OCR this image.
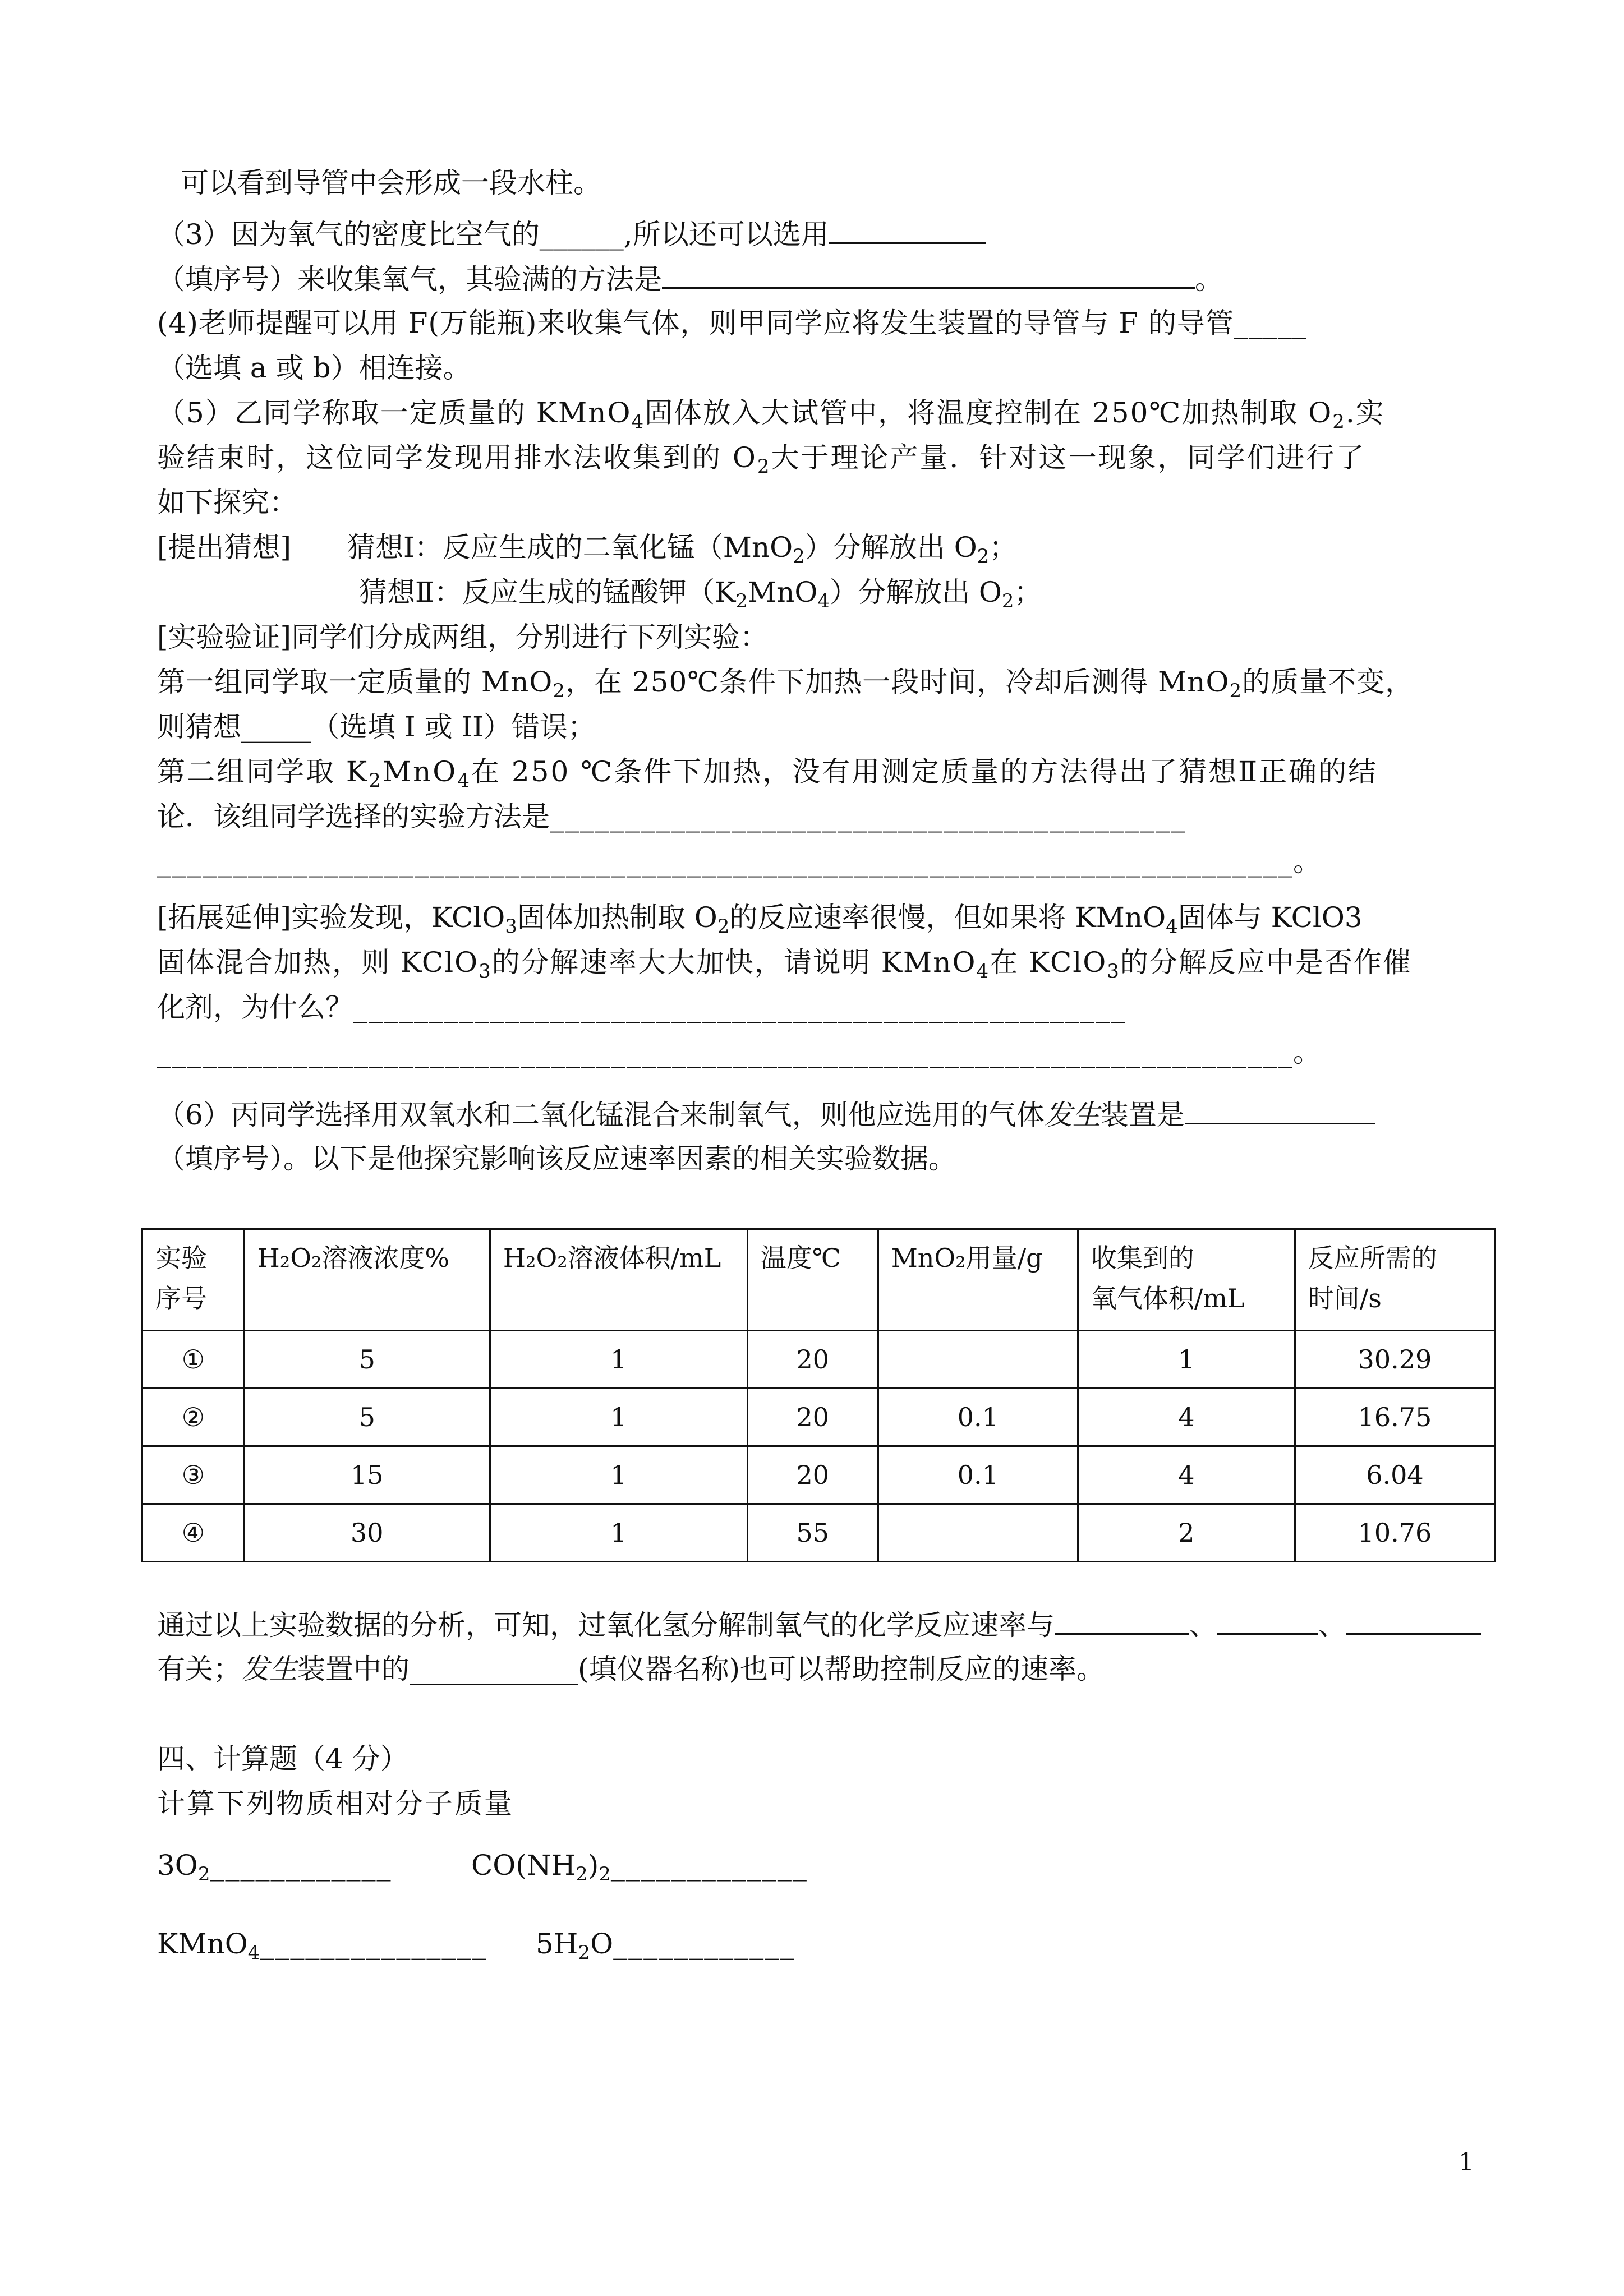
可以看到导管中会形成一段水柱。
（3）因为氧气的密度比空气的______,所以还可以选用
（填序号）来收集氧气，其验满的方法是	。
(4)老师提醒可以用 F(万能瓶)来收集气体，则甲同学应将发生装置的导管与 F 的导管_____
（选填 a 或 b）相连接。
（5）乙同学称取一定质量的 KMnO$_4$固体放入大试管中，将温度控制在 250℃加热制取 $O_2$.实
验结束时，这位同学发现用排水法收集到的 $O_2$大于理论产量．针对这一现象，同学们进行了
如下探究：
[提出猜想]　　猜想Ⅰ：反应生成的二氧化锰（MnO$_2$）分解放出 $O_2$；
猜想Ⅱ：反应生成的锰酸钾$(K_2MnO_4)$分解放出 $O_2$；
[实验验证]同学们分成两组，分别进行下列实验：
第一组同学取一定质量的 MnO$_2$，在 250℃条件下加热一段时间，冷却后测得 MnO$_2$的质量不变，
则猜想_____（选填 I 或 II）错误；
第二组同学取 $K_2MnO_4$在 250 ℃条件下加热，没有用测定质量的方法得出了猜想Ⅱ正确的结
论．该组同学选择的实验方法是__________________________________________
___________________________________________________________________________。
[拓展延伸]实验发现，KClO$_3$固体加热制取 $O_2$的反应速率很慢，但如果将 KMnO$_4$固体与 KClO3
固体混合加热，则 KClO$_3$的分解速率大大加快，请说明 KMnO$_4$在 KClO$_3$的分解反应中是否作催
化剂，为什么？___________________________________________________
___________________________________________________________________________。
（6）丙同学选择用双氧水和二氧化锰混合来制氧气，则他应选用的气体发生装置是
（填序号）。以下是他探究影响该反应速率因素的相关实验数据。
实验
序号	H₂O₂溶液浓度%	H₂O₂溶液体积/mL	温度℃	MnO₂用量/g	收集到的
氧气体积/mL	反应所需的
时间/s
①	5	1	20		1	30.29
②	5	1	20	0.1	4	16.75
③	15	1	20	0.1	4	6.04
④	30	1	55		2	10.76
通过以上实验数据的分析，可知，过氧化氢分解制氧气的化学反应速率与	、	、
有关；发生装置中的____________(填仪器名称)也可以帮助控制反应的速率。
四、计算题（4 分）
计算下列物质相对分子质量
$3O_2\_\_\_\_\_\_\_\_\_\_\_\_$	$CO(NH_2)_2\_\_\_\_\_\_\_\_\_\_\_\_\_$
KMnO$_4$_______________ $5H_2O\_\_\_\_\_\_\_\_\_\_\_\_$
1
